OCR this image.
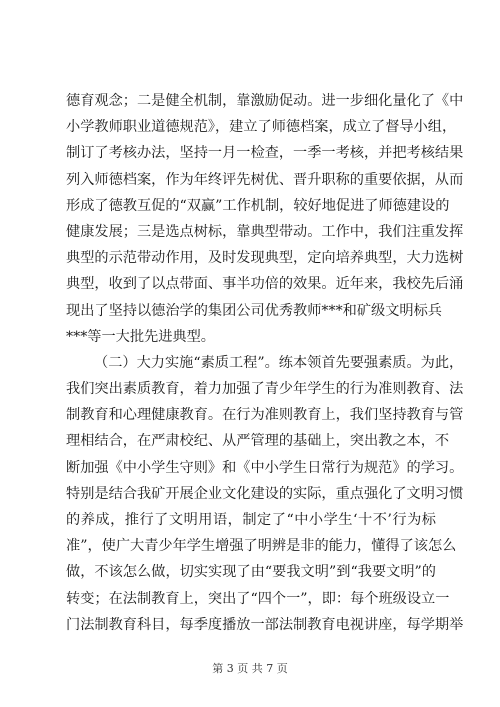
德育观念；二是健全机制，靠激励促动。进一步细化量化了《中
小学教师职业道德规范》，建立了师德档案，成立了督导小组，
制订了考核办法，坚持一月一检查，一季一考核，并把考核结果
列入师德档案，作为年终评先树优、晋升职称的重要依据，从而
形成了德教互促的“双赢”工作机制，较好地促进了师德建设的
健康发展；三是选点树标，靠典型带动。工作中，我们注重发挥
典型的示范带动作用，及时发现典型，定向培养典型，大力选树
典型，收到了以点带面、事半功倍的效果。近年来，我校先后涌
现出了坚持以德治学的集团公司优秀教师***和矿级文明标兵
***等一大批先进典型。
（二）大力实施“素质工程”。练本领首先要强素质。为此，
我们突出素质教育，着力加强了青少年学生的行为准则教育、法
制教育和心理健康教育。在行为准则教育上，我们坚持教育与管
理相结合，在严肃校纪、从严管理的基础上，突出教之本，不
断加强《中小学生守则》和《中小学生日常行为规范》的学习。
特别是结合我矿开展企业文化建设的实际，重点强化了文明习惯
的养成，推行了文明用语，制定了“中小学生‘十不’行为标
准”，使广大青少年学生增强了明辨是非的能力，懂得了该怎么
做，不该怎么做，切实实现了由“要我文明”到“我要文明”的
转变；在法制教育上，突出了“四个一”，即：每个班级设立一
门法制教育科目，每季度播放一部法制教育电视讲座，每学期举
第 3 页 共 7 页
